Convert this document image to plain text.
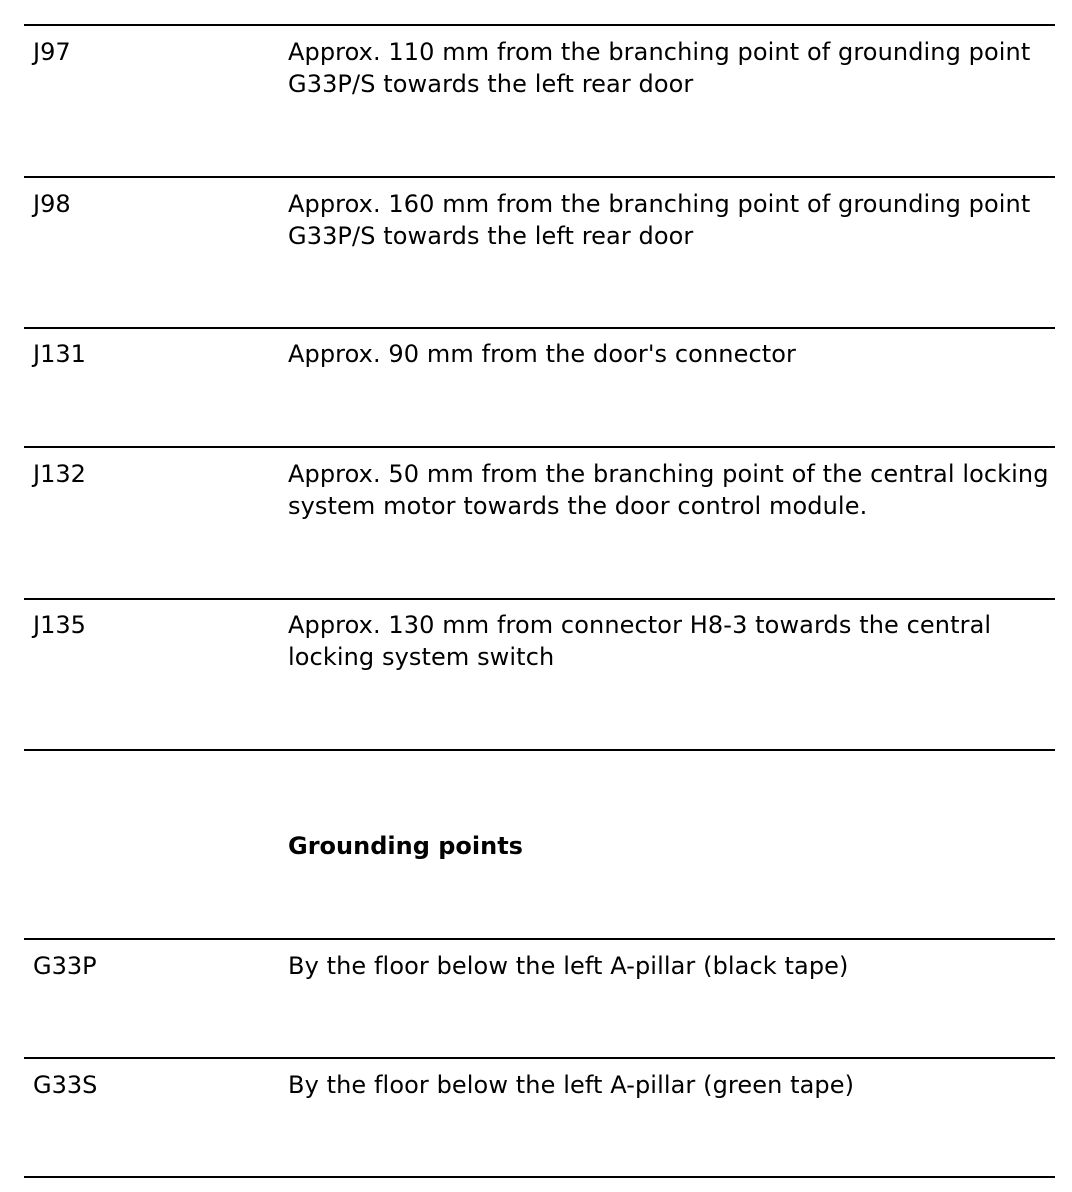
J97	Approx. 110 mm from the branching point of grounding point G33P/S towards the left rear door
J98	Approx. 160 mm from the branching point of grounding point G33P/S towards the left rear door
J131	Approx. 90 mm from the door's connector
J132	Approx. 50 mm from the branching point of the central locking system motor towards the door control module.
J135	Approx. 130 mm from connector H8-3 towards the central locking system switch
Grounding points
G33P	By the floor below the left A-pillar (black tape)
G33S	By the floor below the left A-pillar (green tape)
